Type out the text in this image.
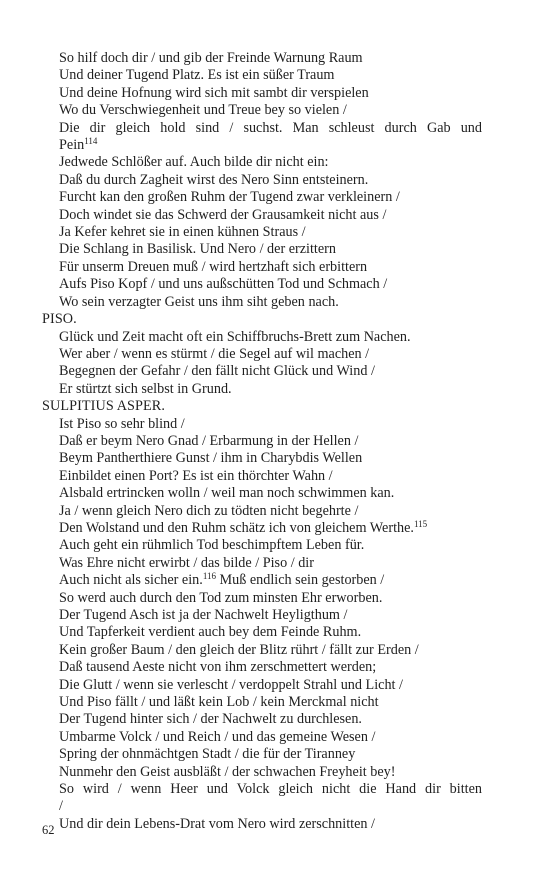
So hilf doch dir / und gib der Freinde Warnung Raum
Und deiner Tugend Platz. Es ist ein süßer Traum
Und deine Hofnung wird sich mit sambt dir verspielen
Wo du Verschwiegenheit und Treue bey so vielen /
Die dir gleich hold sind / suchst. Man schleust durch Gab und
Pein$^{114}$
Jedwede Schlößer auf. Auch bilde dir nicht ein:
Daß du durch Zagheit wirst des Nero Sinn entsteinern.
Furcht kan den großen Ruhm der Tugend zwar verkleinern /
Doch windet sie das Schwerd der Grausamkeit nicht aus /
Ja Kefer kehret sie in einen kühnen Straus /
Die Schlang in Basilisk. Und Nero / der erzittern
Für unserm Dreuen muß / wird hertzhaft sich erbittern
Aufs Piso Kopf / und uns außschütten Tod und Schmach /
Wo sein verzagter Geist uns ihm siht geben nach.
PISO.
Glück und Zeit macht oft ein Schiffbruchs-Brett zum Nachen.
Wer aber / wenn es stürmt / die Segel auf wil machen /
Begegnen der Gefahr / den fällt nicht Glück und Wind /
Er stürtzt sich selbst in Grund.
SULPITIUS ASPER.
Ist Piso so sehr blind /
Daß er beym Nero Gnad / Erbarmung in der Hellen /
Beym Pantherthiere Gunst / ihm in Charybdis Wellen
Einbildet einen Port? Es ist ein thörchter Wahn /
Alsbald ertrincken wolln / weil man noch schwimmen kan.
Ja / wenn gleich Nero dich zu tödten nicht begehrte /
Den Wolstand und den Ruhm schätz ich von gleichem Werthe.$^{115}$
Auch geht ein rühmlich Tod beschimpftem Leben für.
Was Ehre nicht erwirbt / das bilde / Piso / dir
Auch nicht als sicher ein.$^{116}$ Muß endlich sein gestorben /
So werd auch durch den Tod zum minsten Ehr erworben.
Der Tugend Asch ist ja der Nachwelt Heyligthum /
Und Tapferkeit verdient auch bey dem Feinde Ruhm.
Kein großer Baum / den gleich der Blitz rührt / fällt zur Erden /
Daß tausend Aeste nicht von ihm zerschmettert werden;
Die Glutt / wenn sie verlescht / verdoppelt Strahl und Licht /
Und Piso fällt / und läßt kein Lob / kein Merckmal nicht
Der Tugend hinter sich / der Nachwelt zu durchlesen.
Umbarme Volck / und Reich / und das gemeine Wesen /
Spring der ohnmächtgen Stadt / die für der Tiranney
Nunmehr den Geist ausbläßt / der schwachen Freyheit bey!
So wird / wenn Heer und Volck gleich nicht die Hand dir bitten
/
Und dir dein Lebens-Drat vom Nero wird zerschnitten /
62
